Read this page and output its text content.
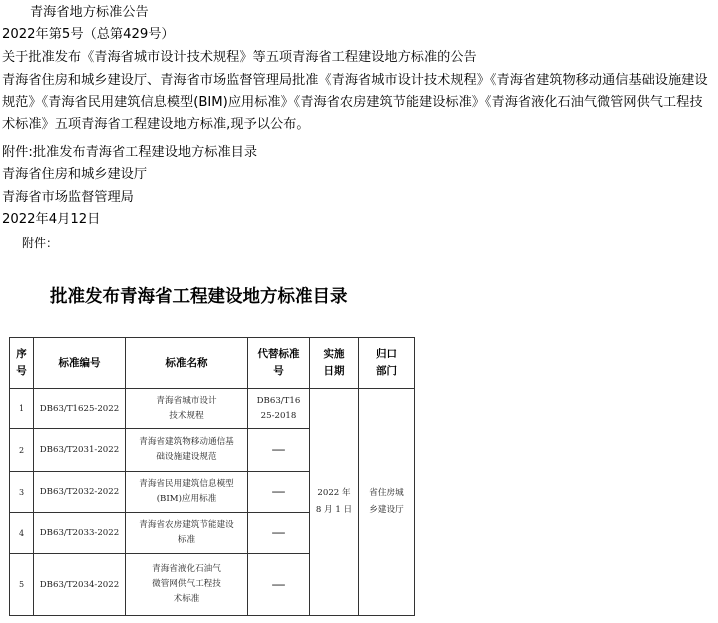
青海省地方标准公告
2022年第5号（总第429号）
关于批准发布《青海省城市设计技术规程》等五项青海省工程建设地方标准的公告
青海省住房和城乡建设厅、青海省市场监督管理局批准《青海省城市设计技术规程》《青海省建筑物移动通信基础设施建设规范》《青海省民用建筑信息模型(BIM)应用标准》《青海省农房建筑节能建设标准》《青海省液化石油气微管网供气工程技术标准》五项青海省工程建设地方标准,现予以公布。
附件:批准发布青海省工程建设地方标准目录
青海省住房和城乡建设厅
青海省市场监督管理局
2022年4月12日
附件：
批准发布青海省工程建设地方标准目录
序号	标准编号	标准名称	代替标准号	实施日期	归口部门

1	DB63/T1625-2022	青海省城市设计技术规程	DB63/T1625-2018	2022 年 8 月 1 日	省住房城乡建设厅

2	DB63/T2031-2022	青海省建筑物移动通信基础设施建设规范	—		
3	DB63/T2032-2022	青海省民用建筑信息模型(BIM)应用标准	—		
4	DB63/T2033-2022	青海省农房建筑节能建设标准	—		
5	DB63/T2034-2022	青海省液化石油气微管网供气工程技术标准	—		
